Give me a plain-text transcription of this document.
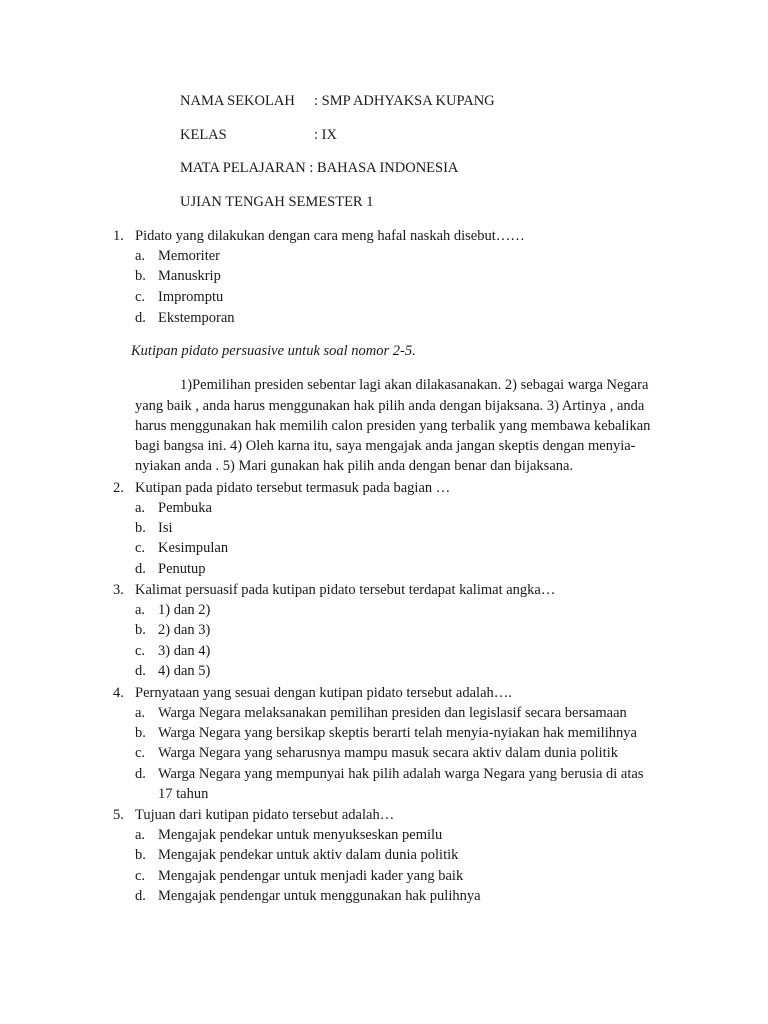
NAMA SEKOLAH : SMP ADHYAKSA KUPANG
KELAS	: IX
MATA PELAJARAN : BAHASA INDONESIA
UJIAN TENGAH SEMESTER 1
1. Pidato yang dilakukan dengan cara meng hafal naskah disebut……
a. Memoriter
b. Manuskrip
c. Impromptu
d. Ekstemporan
Kutipan pidato persuasive untuk soal nomor 2-5.
1)Pemilihan presiden sebentar lagi akan dilakasanakan. 2) sebagai warga Negara
yang baik , anda harus menggunakan hak pilih anda dengan bijaksana. 3) Artinya , anda
harus menggunakan hak memilih calon presiden yang terbalik yang membawa kebalikan
bagi bangsa ini. 4) Oleh karna itu, saya mengajak anda jangan skeptis dengan menyia-
nyiakan anda . 5) Mari gunakan hak pilih anda dengan benar dan bijaksana.
2. Kutipan pada pidato tersebut termasuk pada bagian …
a. Pembuka
b. Isi
c. Kesimpulan
d. Penutup
3. Kalimat persuasif pada kutipan pidato tersebut terdapat kalimat angka…
a. 1) dan 2)
b. 2) dan 3)
c. 3) dan 4)
d. 4) dan 5)
4. Pernyataan yang sesuai dengan kutipan pidato tersebut adalah….
a. Warga Negara melaksanakan pemilihan presiden dan legislasif secara bersamaan
b. Warga Negara yang bersikap skeptis berarti telah menyia-nyiakan hak memilihnya
c. Warga Negara yang seharusnya mampu masuk secara aktiv dalam dunia politik
d. Warga Negara yang mempunyai hak pilih adalah warga Negara yang berusia di atas
17 tahun
5. Tujuan dari kutipan pidato tersebut adalah…
a. Mengajak pendekar untuk menyukseskan pemilu
b. Mengajak pendekar untuk aktiv dalam dunia politik
c. Mengajak pendengar untuk menjadi kader yang baik
d. Mengajak pendengar untuk menggunakan hak pulihnya
